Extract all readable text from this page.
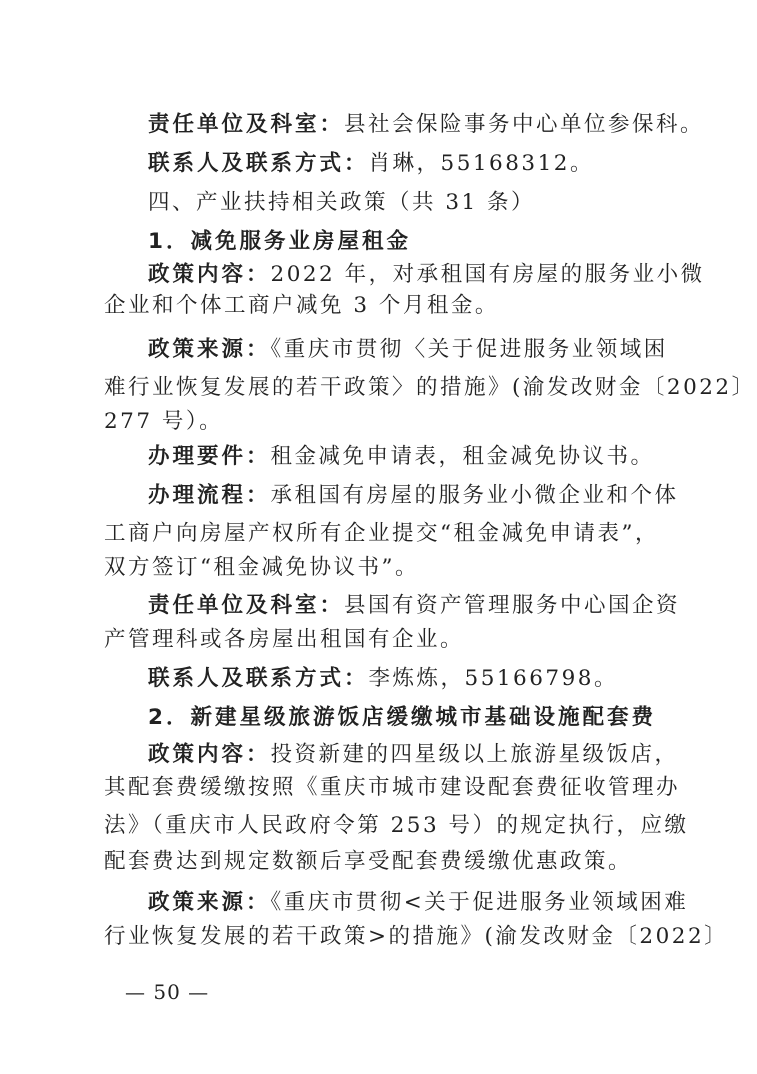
责任单位及科室：县社会保险事务中心单位参保科。
联系人及联系方式：肖琳，55168312。
四、产业扶持相关政策（共 31 条）
1．减免服务业房屋租金
政策内容：2022 年，对承租国有房屋的服务业小微
企业和个体工商户减免 3 个月租金。
政策来源：《重庆市贯彻〈关于促进服务业领域困
难行业恢复发展的若干政策〉的措施》(渝发改财金〔2022〕
277 号）。
办理要件：租金减免申请表，租金减免协议书。
办理流程：承租国有房屋的服务业小微企业和个体
工商户向房屋产权所有企业提交“租金减免申请表”，
双方签订“租金减免协议书”。
责任单位及科室：县国有资产管理服务中心国企资
产管理科或各房屋出租国有企业。
联系人及联系方式：李炼炼，55166798。
2．新建星级旅游饭店缓缴城市基础设施配套费
政策内容：投资新建的四星级以上旅游星级饭店，
其配套费缓缴按照《重庆市城市建设配套费征收管理办
法》（重庆市人民政府令第 253 号）的规定执行，应缴
配套费达到规定数额后享受配套费缓缴优惠政策。
政策来源：《重庆市贯彻<关于促进服务业领域困难
行业恢复发展的若干政策>的措施》(渝发改财金〔2022〕
— 50 —
